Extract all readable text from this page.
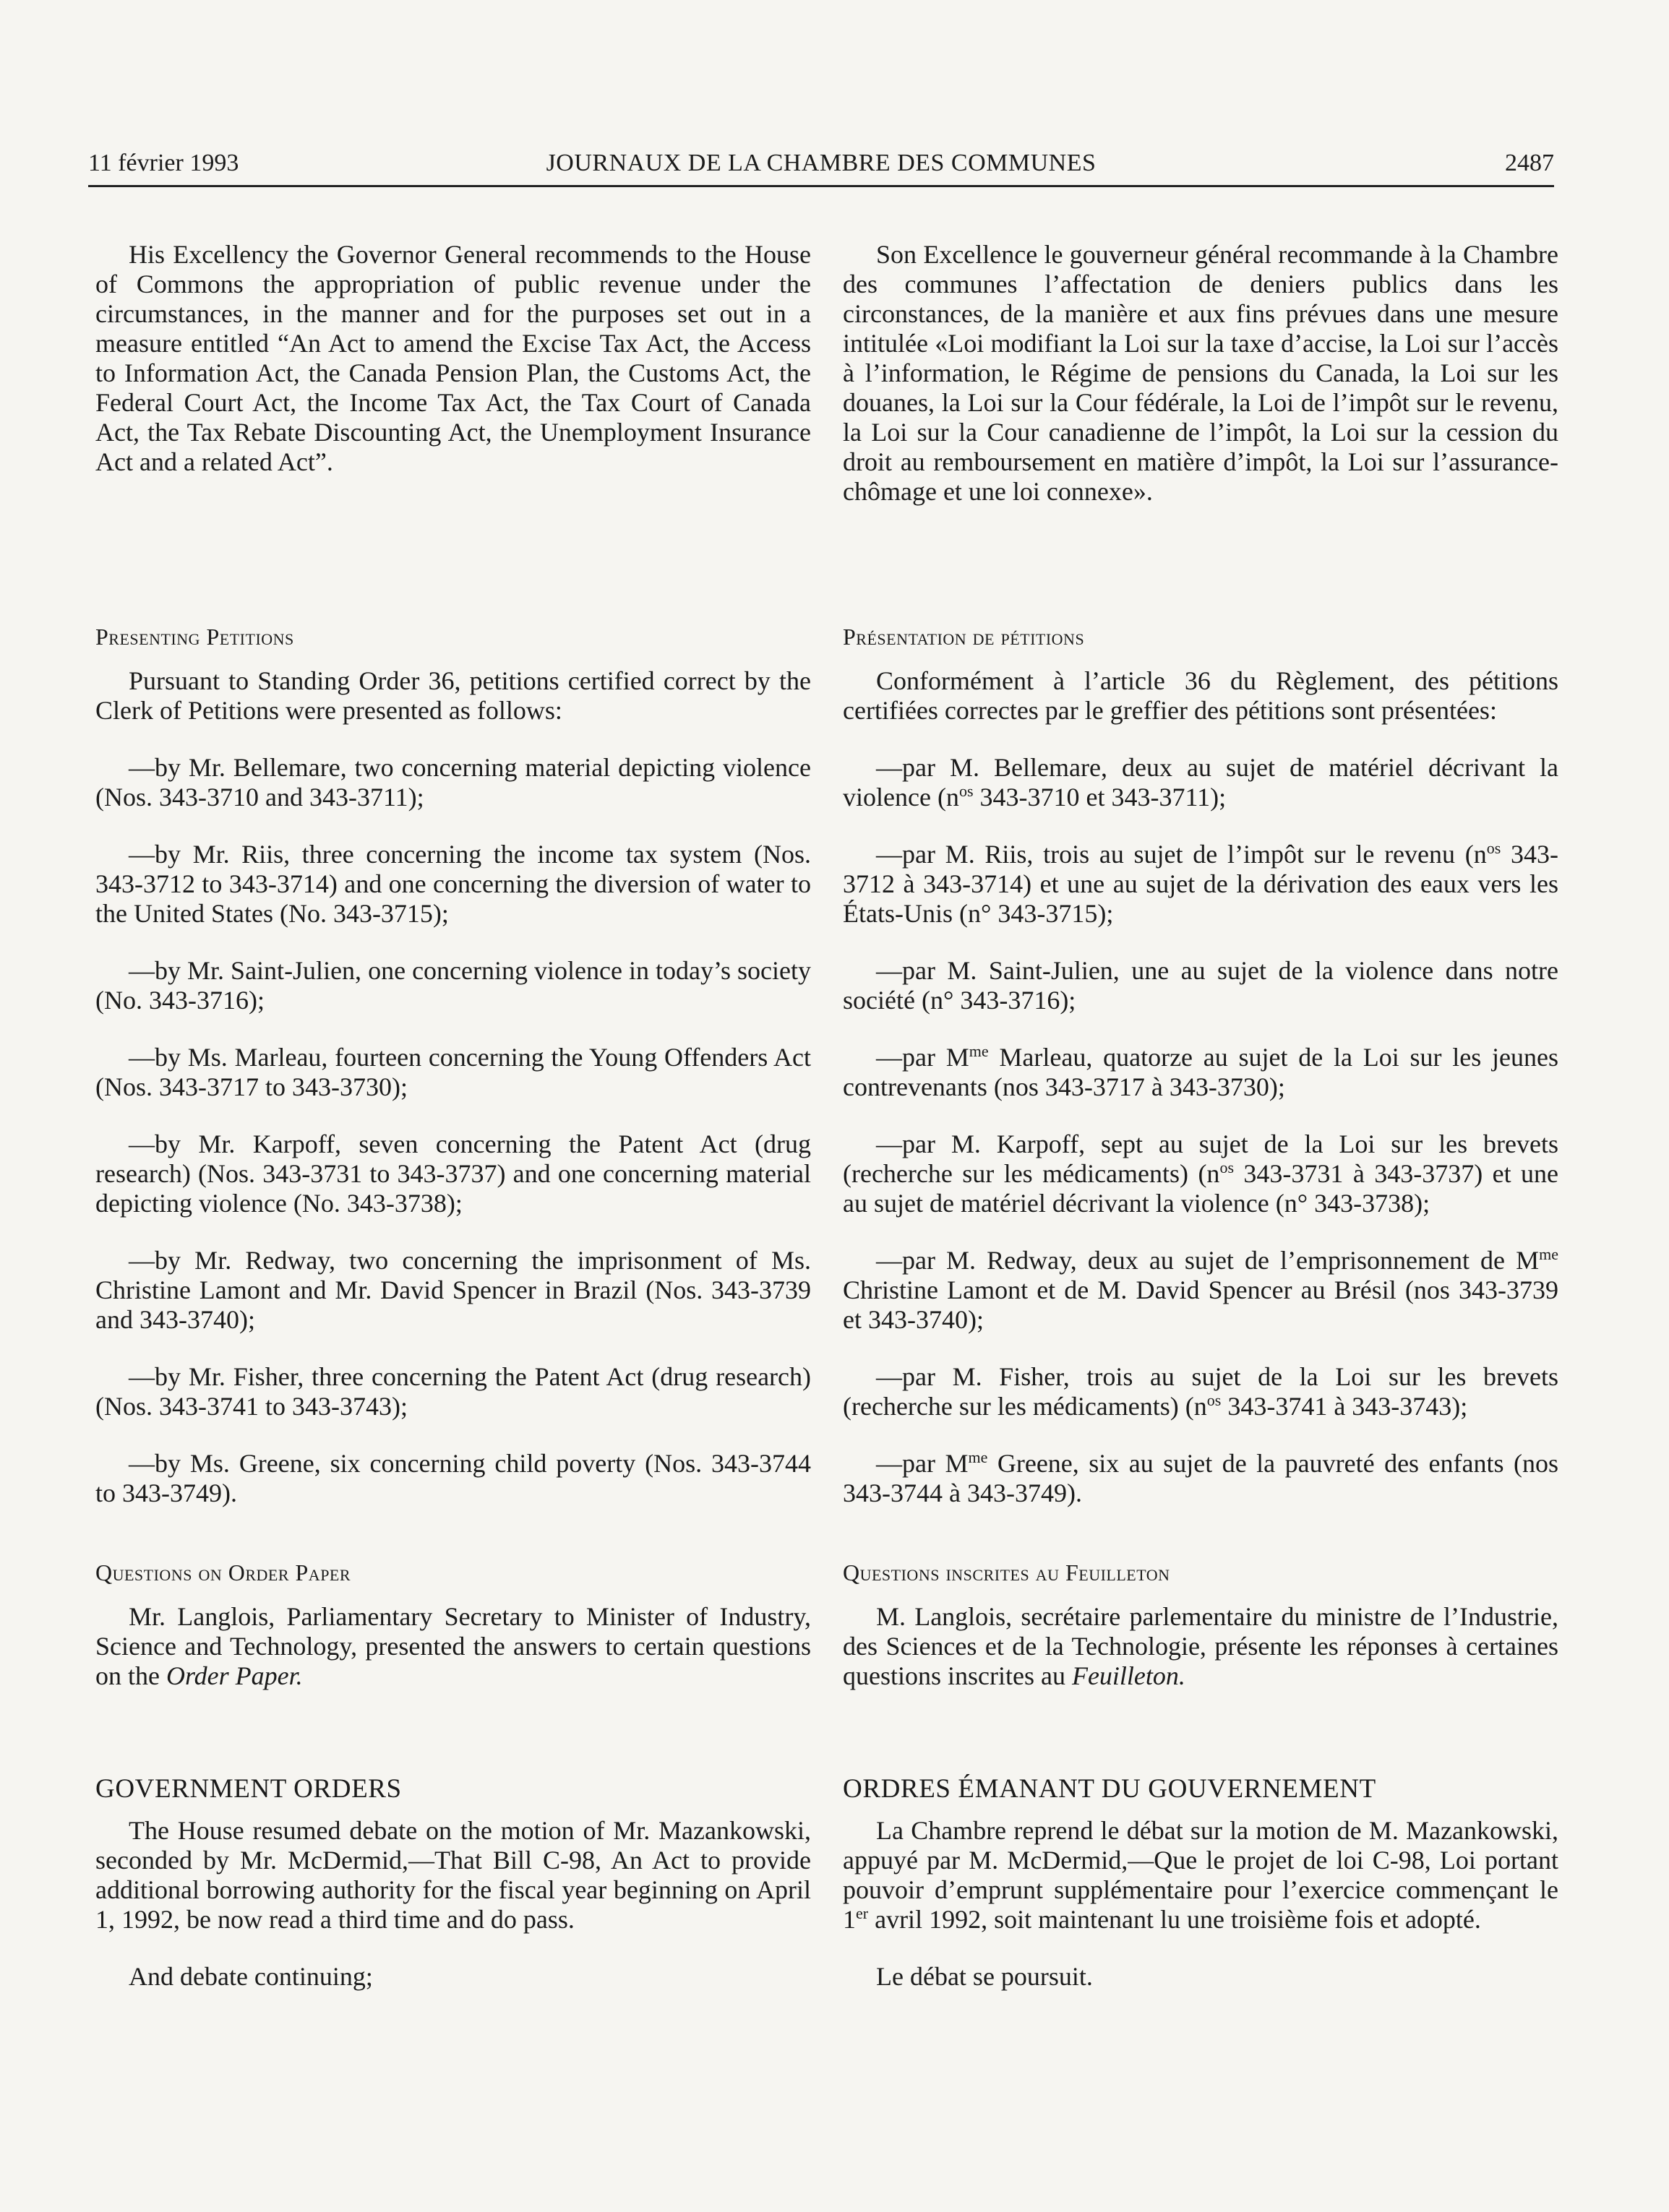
11 février 1993	JOURNAUX DE LA CHAMBRE DES COMMUNES	2487

His Excellency the Governor General recommends to the House of Commons the appropriation of public revenue under the circumstances, in the manner and for the purposes set out in a measure entitled “An Act to amend the Excise Tax Act, the Access to Information Act, the Canada Pension Plan, the Customs Act, the Federal Court Act, the Income Tax Act, the Tax Court of Canada Act, the Tax Rebate Discounting Act, the Unemployment Insurance Act and a related Act”.

Presenting Petitions

Pursuant to Standing Order 36, petitions certified correct by the Clerk of Petitions were presented as follows:

—by Mr. Bellemare, two concerning material depicting violence (Nos. 343-3710 and 343-3711);

—by Mr. Riis, three concerning the income tax system (Nos. 343-3712 to 343-3714) and one concerning the diversion of water to the United States (No. 343-3715);

—by Mr. Saint-Julien, one concerning violence in today’s society (No. 343-3716);

—by Ms. Marleau, fourteen concerning the Young Offenders Act (Nos. 343-3717 to 343-3730);

—by Mr. Karpoff, seven concerning the Patent Act (drug research) (Nos. 343-3731 to 343-3737) and one concerning material depicting violence (No. 343-3738);

—by Mr. Redway, two concerning the imprisonment of Ms. Christine Lamont and Mr. David Spencer in Brazil (Nos. 343-3739 and 343-3740);

—by Mr. Fisher, three concerning the Patent Act (drug research)(Nos. 343-3741 to 343-3743);

—by Ms. Greene, six concerning child poverty (Nos. 343-3744 to 343-3749).

Questions on Order Paper

Mr. Langlois, Parliamentary Secretary to Minister of Industry, Science and Technology, presented the answers to certain questions on the Order Paper.

GOVERNMENT ORDERS

The House resumed debate on the motion of Mr. Mazankowski, seconded by Mr. McDermid,—That Bill C-98, An Act to provide additional borrowing authority for the fiscal year beginning on April 1, 1992, be now read a third time and do pass.

And debate continuing;

Son Excellence le gouverneur général recommande à la Chambre des communes l’affectation de deniers publics dans les circonstances, de la manière et aux fins prévues dans une mesure intitulée «Loi modifiant la Loi sur la taxe d’accise, la Loi sur l’accès à l’information, le Régime de pensions du Canada, la Loi sur les douanes, la Loi sur la Cour fédérale, la Loi de l’impôt sur le revenu, la Loi sur la Cour canadienne de l’impôt, la Loi sur la cession du droit au remboursement en matière d’impôt, la Loi sur l’assurance-chômage et une loi connexe».

Présentation de pétitions

Conformément à l’article 36 du Règlement, des pétitions certifiées correctes par le greffier des pétitions sont présentées:

—par M. Bellemare, deux au sujet de matériel décrivant la violence ($n^{os}$ 343-3710 et 343-3711);

—par M. Riis, trois au sujet de l’impôt sur le revenu ($n^{os}$ 343-3712 à 343-3714) et une au sujet de la dérivation des eaux vers les États-Unis (n° 343-3715);

—par M. Saint-Julien, une au sujet de la violence dans notre société (n° 343-3716);

—par $M^{me}$ Marleau, quatorze au sujet de la Loi sur les jeunes contrevenants (nos 343-3717 à 343-3730);

—par M. Karpoff, sept au sujet de la Loi sur les brevets (recherche sur les médicaments) ($n^{os}$ 343-3731 à 343-3737) et une au sujet de matériel décrivant la violence (n° 343-3738);

—par M. Redway, deux au sujet de l’emprisonnement de $M^{me}$ Christine Lamont et de M. David Spencer au Brésil (nos 343-3739 et 343-3740);

—par M. Fisher, trois au sujet de la Loi sur les brevets (recherche sur les médicaments) ($n^{os}$ 343-3741 à 343-3743);

—par $M^{me}$ Greene, six au sujet de la pauvreté des enfants (nos 343-3744 à 343-3749).

Questions inscrites au Feuilleton

M. Langlois, secrétaire parlementaire du ministre de l’Industrie, des Sciences et de la Technologie, présente les réponses à certaines questions inscrites au Feuilleton.

ORDRES ÉMANANT DU GOUVERNEMENT

La Chambre reprend le débat sur la motion de M. Mazankowski, appuyé par M. McDermid,—Que le projet de loi C-98, Loi portant pouvoir d’emprunt supplémentaire pour l’exercice commençant le 1er avril 1992, soit maintenant lu une troisième fois et adopté.

Le débat se poursuit.
